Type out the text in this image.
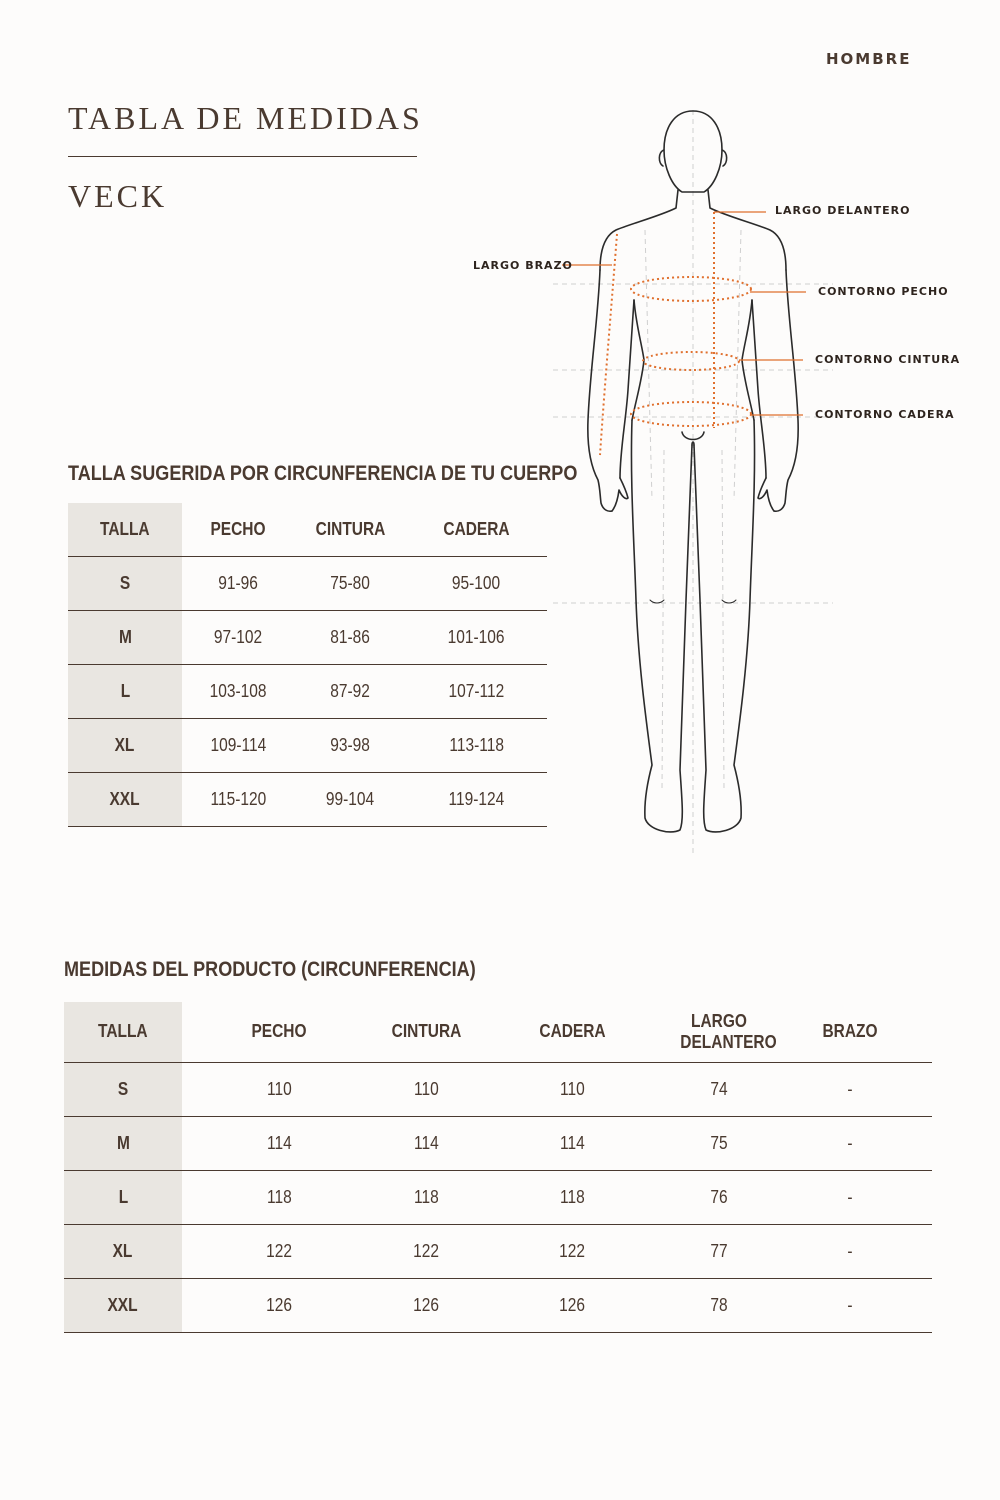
HOMBRE
TABLA DE MEDIDAS
VECK	LARGO DELANTERO
LARGO BRAZO
CONTORNO PECHO
CONTORNO CINTURA
CONTORNO CADERA
TALLA SUGERIDA POR CIRCUNFERENCIA DE TU CUERPO
TALLA	PECHO	CINTURA	CADERA
S	91-96	75-80	95-100
M	97-102	81-86	101-106
L	103-108	87-92	107-112
XL	109-114	93-98	113-118
XXL	115-120	99-104	119-124
MEDIDAS DEL PRODUCTO (CIRCUNFERENCIA)
TALLA	PECHO	CINTURA	CADERA	LARGO DELANTERO	BRAZO
S	110	110	110	74	-
M	114	114	114	75	-
L	118	118	118	76	-
XL	122	122	122	77	-
XXL	126	126	126	78	-
